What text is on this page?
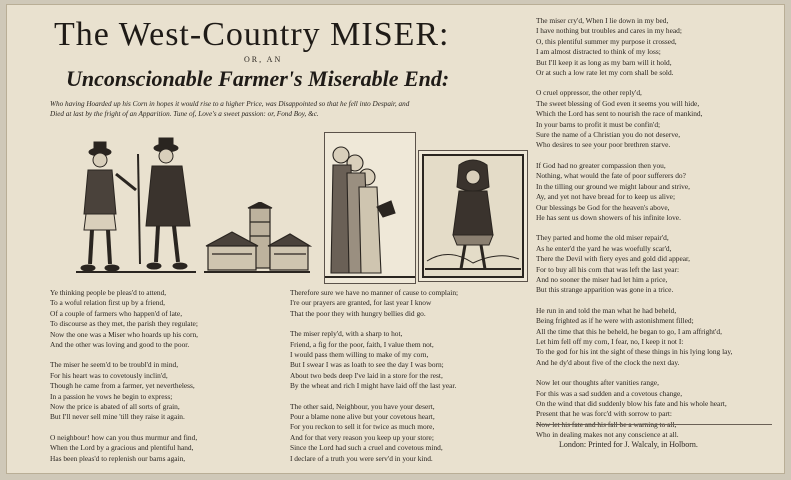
The West-Country MISER:
OR, AN
Unconscionable Farmer's Miserable End:
Who having Hoarded up his Corn in hopes it would rise to a higher Price, was Disappointed so that he fell into Despair, and
Died at last by the fright of an Apparition. Tune of, Love's a sweet passion: or, Fond Boy, &c.
Ye thinking people be pleas'd to attend,
To a woful relation first up by a friend,
Of a couple of farmers who happen'd of late,
To discourse as they met, the parish they regulate;
Now the one was a Miser who hoards up his corn,
And the other was loving and good to the poor.
The miser he seem'd to be troubl'd in mind,
For his heart was to covetously inclin'd,
Though he came from a farmer, yet nevertheless,
In a passion he vows he begin to express;
Now the price is abated of all sorts of grain,
But I'll never sell mine 'till they raise it again.
O neighbour! how can you thus murmur and find,
When the Lord by a gracious and plentiful hand,
Has been pleas'd to replenish our barns again,
Therefore sure we have no manner of cause to complain;
I're our prayers are granted, for last year I know
That the poor they with hungry bellies did go.
The miser reply'd, with a sharp to hot,
Friend, a fig for the poor, faith, I value them not,
I would pass them willing to make of my corn,
But I swear I was as loath to see the day I was born;
About two beds deep I've laid in a store for the rest,
By the wheat and rich I might have laid off the last year.
The other said, Neighbour, you have your desert,
Pour a blame none alive but your covetous heart,
For you reckon to sell it for twice as much more,
And for that very reason you keep up your store;
Since the Lord had such a cruel and covetous mind,
I declare of a truth you were serv'd in your kind.
The miser cry'd, When I lie down in my bed,
I have nothing but troubles and cares in my head;
O, this plentiful summer my purpose it crossed,
I am almost distracted to think of my loss;
But I'll keep it as long as my barn will it hold,
Or at such a low rate let my corn shall be sold.
O cruel oppressor, the other reply'd,
The sweet blessing of God even it seems you will hide,
Which the Lord has sent to nourish the race of mankind,
In your barns to profit it must be confin'd;
Sure the name of a Christian you do not deserve,
Who desires to see your poor brethren starve.
If God had no greater compassion then you,
Nothing, what would the fate of poor sufferers do?
In the tilling our ground we might labour and strive,
Ay, and yet not have bread for to keep us alive;
Our blessings be God for the heaven's above,
He has sent us down showers of his infinite love.
They parted and home the old miser repair'd,
As he enter'd the yard he was woefully scar'd,
There the Devil with fiery eyes and gold did appear,
For to buy all his corn that was left the last year:
And no sooner the miser had let him a price,
But this strange apparition was gone in a trice.
He run in and told the man what he had beheld,
Being frighted as if he were with astonishment filled;
All the time that this he beheld, he began to go, I am affright'd,
Let him fell off my corn, I fear, no, I keep it not I:
To the god for his int the sight of these things in his lying long lay,
And he dy'd about five of the clock the next day.
Now let our thoughts after vanities range,
For this was a sad sudden and a covetous change,
On the wind that did suddenly blow his fate and his whole heart,
Present that he was forc'd with sorrow to part:
Now let his fate and his fall be a warning to all,
Who in dealing makes not any conscience at all.
London: Printed for J. Walcaly, in Holborn.
